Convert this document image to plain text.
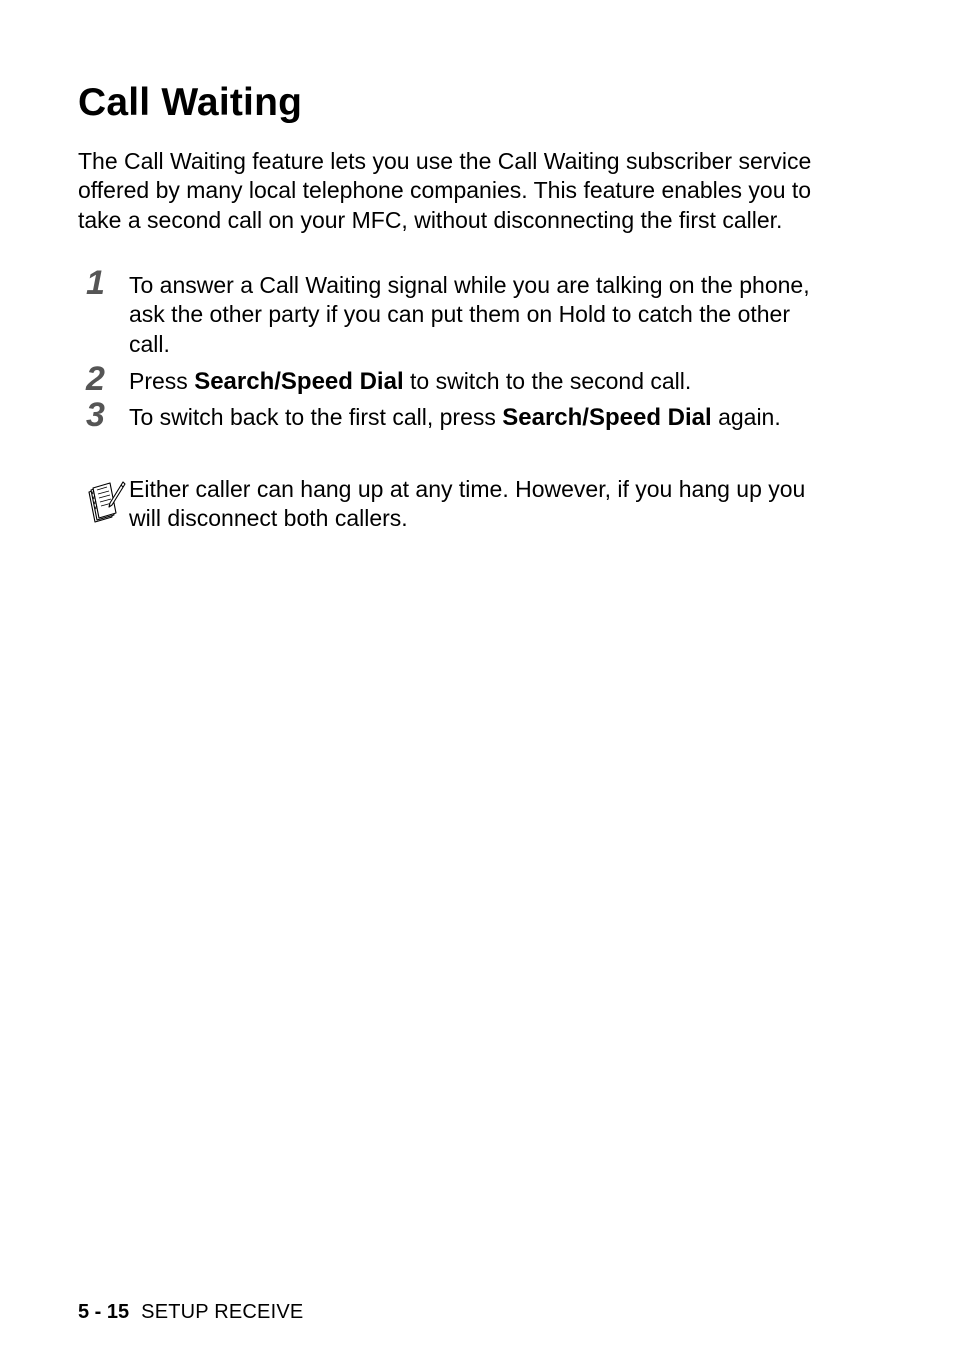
Call Waiting

The Call Waiting feature lets you use the Call Waiting subscriber service offered by many local telephone companies. This feature enables you to take a second call on your MFC, without disconnecting the first caller.

1 To answer a Call Waiting signal while you are talking on the phone, ask the other party if you can put them on Hold to catch the other call.

2 Press Search/Speed Dial to switch to the second call.

3 To switch back to the first call, press Search/Speed Dial again.

Either caller can hang up at any time. However, if you hang up you will disconnect both callers.

5 - 15 SETUP RECEIVE
